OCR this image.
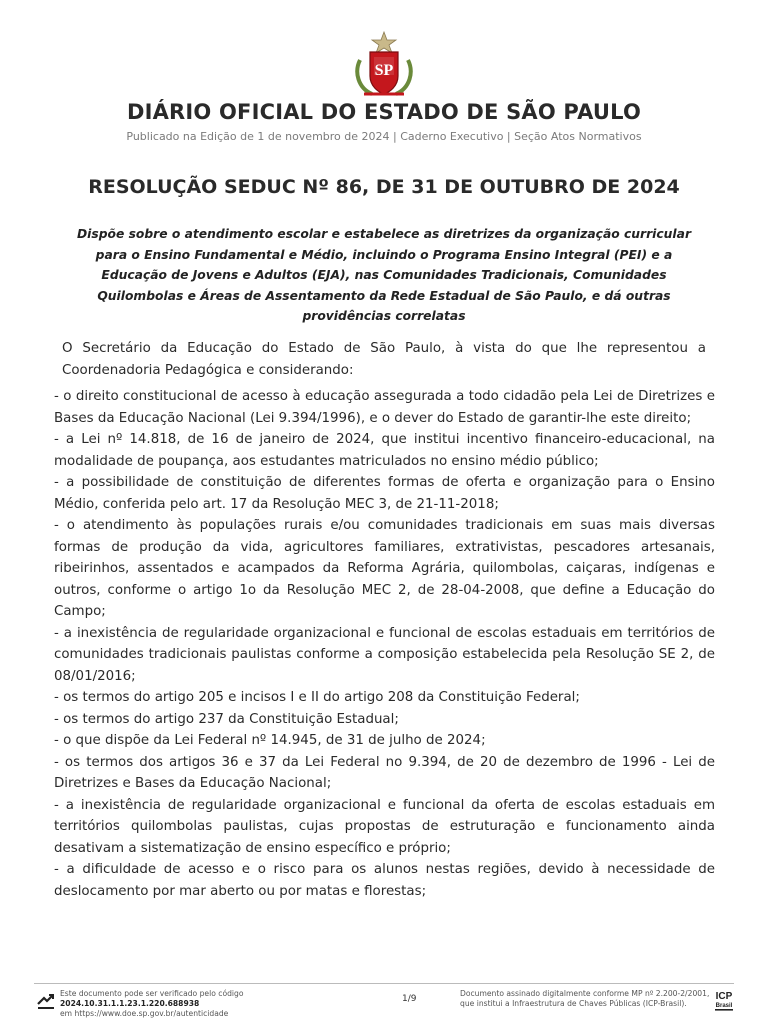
SP
DIÁRIO OFICIAL DO ESTADO DE SÃO PAULO
Publicado na Edição de 1 de novembro de 2024 | Caderno Executivo | Seção Atos Normativos
RESOLUÇÃO SEDUC Nº 86, DE 31 DE OUTUBRO DE 2024
Dispõe sobre o atendimento escolar e estabelece as diretrizes da organização curricular para o Ensino Fundamental e Médio, incluindo o Programa Ensino Integral (PEI) e a Educação de Jovens e Adultos (EJA), nas Comunidades Tradicionais, Comunidades Quilombolas e Áreas de Assentamento da Rede Estadual de São Paulo, e dá outras providências correlatas
O Secretário da Educação do Estado de São Paulo, à vista do que lhe representou a Coordenadoria Pedagógica e considerando:

- o direito constitucional de acesso à educação assegurada a todo cidadão pela Lei de Diretrizes e Bases da Educação Nacional (Lei 9.394/1996), e o dever do Estado de garantir-lhe este direito;

- a Lei nº 14.818, de 16 de janeiro de 2024, que institui incentivo financeiro-educacional, na modalidade de poupança, aos estudantes matriculados no ensino médio público;

- a possibilidade de constituição de diferentes formas de oferta e organização para o Ensino Médio, conferida pelo art. 17 da Resolução MEC 3, de 21-11-2018;

- o atendimento às populações rurais e/ou comunidades tradicionais em suas mais diversas formas de produção da vida, agricultores familiares, extrativistas, pescadores artesanais, ribeirinhos, assentados e acampados da Reforma Agrária, quilombolas, caiçaras, indígenas e outros, conforme o artigo 1o da Resolução MEC 2, de 28-04-2008, que define a Educação do Campo;

- a inexistência de regularidade organizacional e funcional de escolas estaduais em territórios de comunidades tradicionais paulistas conforme a composição estabelecida pela Resolução SE 2, de 08/01/2016;

- os termos do artigo 205 e incisos I e II do artigo 208 da Constituição Federal;

- os termos do artigo 237 da Constituição Estadual;

- o que dispõe da Lei Federal nº 14.945, de 31 de julho de 2024;

- os termos dos artigos 36 e 37 da Lei Federal no 9.394, de 20 de dezembro de 1996 - Lei de Diretrizes e Bases da Educação Nacional;

- a inexistência de regularidade organizacional e funcional da oferta de escolas estaduais em territórios quilombolas paulistas, cujas propostas de estruturação e funcionamento ainda desativam a sistematização de ensino específico e próprio;

- a dificuldade de acesso e o risco para os alunos nestas regiões, devido à necessidade de deslocamento por mar aberto ou por matas e florestas;

Este documento pode ser verificado pelo código 2024.10.31.1.1.23.1.220.688938
em https://www.doe.sp.gov.br/autenticidade
1/9
Documento assinado digitalmente conforme MP nº 2.200-2/2001,
que institui a Infraestrutura de Chaves Públicas (ICP-Brasil).
ICP
Brasil
